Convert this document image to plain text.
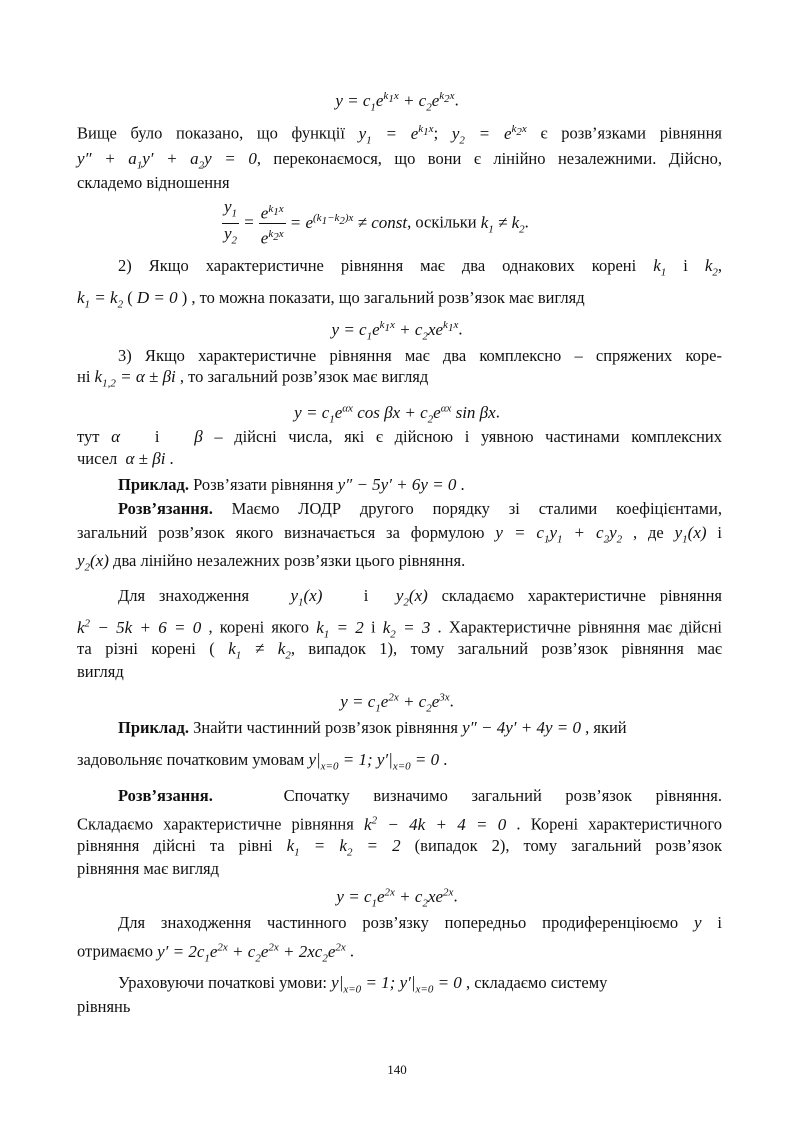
$y = c_1e^{k_1x} + c_2e^{k_2x}$.
Вище було показано, що функції $y_1 = e^{k_1x}$; $y_2 = e^{k_2x}$ є розв’язками рівняння
$y'' + a_1y' + a_2y = 0$, переконаємося, що вони є лінійно незалежними. Дійсно,
складемо відношення
$\frac{y_1}{y_2} = \frac{e^{k_1x}}{e^{k_2x}} = e^{(k_1-k_2)x}$ ≠ const, оскільки $k_1 \ne k_2$.
2) Якщо характеристичне рівняння має два однакових корені $k_1$ і $k_2$,
$k_1 = k_2$ ( D = 0 ) , то можна показати, що загальний розв’язок має вигляд
$y = c_1e^{k_1x} + c_2xe^{k_1x}$.
3) Якщо характеристичне рівняння має два комплексно – спряжених коре-
ні $k_{1,2} = \alpha \pm \beta i$ , то загальний розв’язок має вигляд
$y = c_1e^{\alpha x}$ $\cos \beta x + c_2e^{\alpha x}$ sin βx.
тут α   і   β – дійсні числа, які є дійсною і уявною частинами комплексних
чисел  α ± βi .
Приклад. Розв’язати рівняння y″ − 5y′ + 6y = 0 .
Розв’язання. Маємо ЛОДР другого порядку зі сталими коефіцієнтами,
загальний розв’язок якого визначається за формулою $y = c_1y_1 + c_2y_2$ , де $y_1(x)$ і
$y_2(x)$ два лінійно незалежних розв’язки цього рівняння.
Для знаходження   $y_1(x)$   і  $y_2(x)$ складаємо характеристичне рівняння
$k^2 - 5k + 6 = 0$ , корені якого $k_1 = 2$ і $k_2 = 3$ . Характеристичне рівняння має дійсні
та різні корені ( $k_1 \ne k_2$, випадок 1), тому загальний розв’язок рівняння має
вигляд
$y = c_1e^{2x} + c_2e^{3x}$.
Приклад. Знайти частинний розв’язок рівняння y″ − 4y′ + 4y = 0 , який
задовольняє початковим умовам $y|_{x=0} = 1$; $y'|_{x=0} = 0$ .
Розв’язання.   Спочатку визначимо загальний розв’язок рівняння.
Складаємо характеристичне рівняння $k^2 - 4k + 4 = 0$ . Корені характеристичного
рівняння дійсні та рівні $k_1 = k_2 = 2$ (випадок 2), тому загальний розв’язок
рівняння має вигляд
$y = c_1e^{2x} + c_2xe^{2x}$.
Для знаходження частинного розв’язку попередньо продиференціюємо y і
отримаємо $y' = 2c_1e^{2x} + c_2e^{2x} + 2xc_2e^{2x}$ .
Ураховуючи початкові умови: $y|_{x=0} = 1$; $y'|_{x=0} = 0$ , складаємо систему
рівнянь
140
